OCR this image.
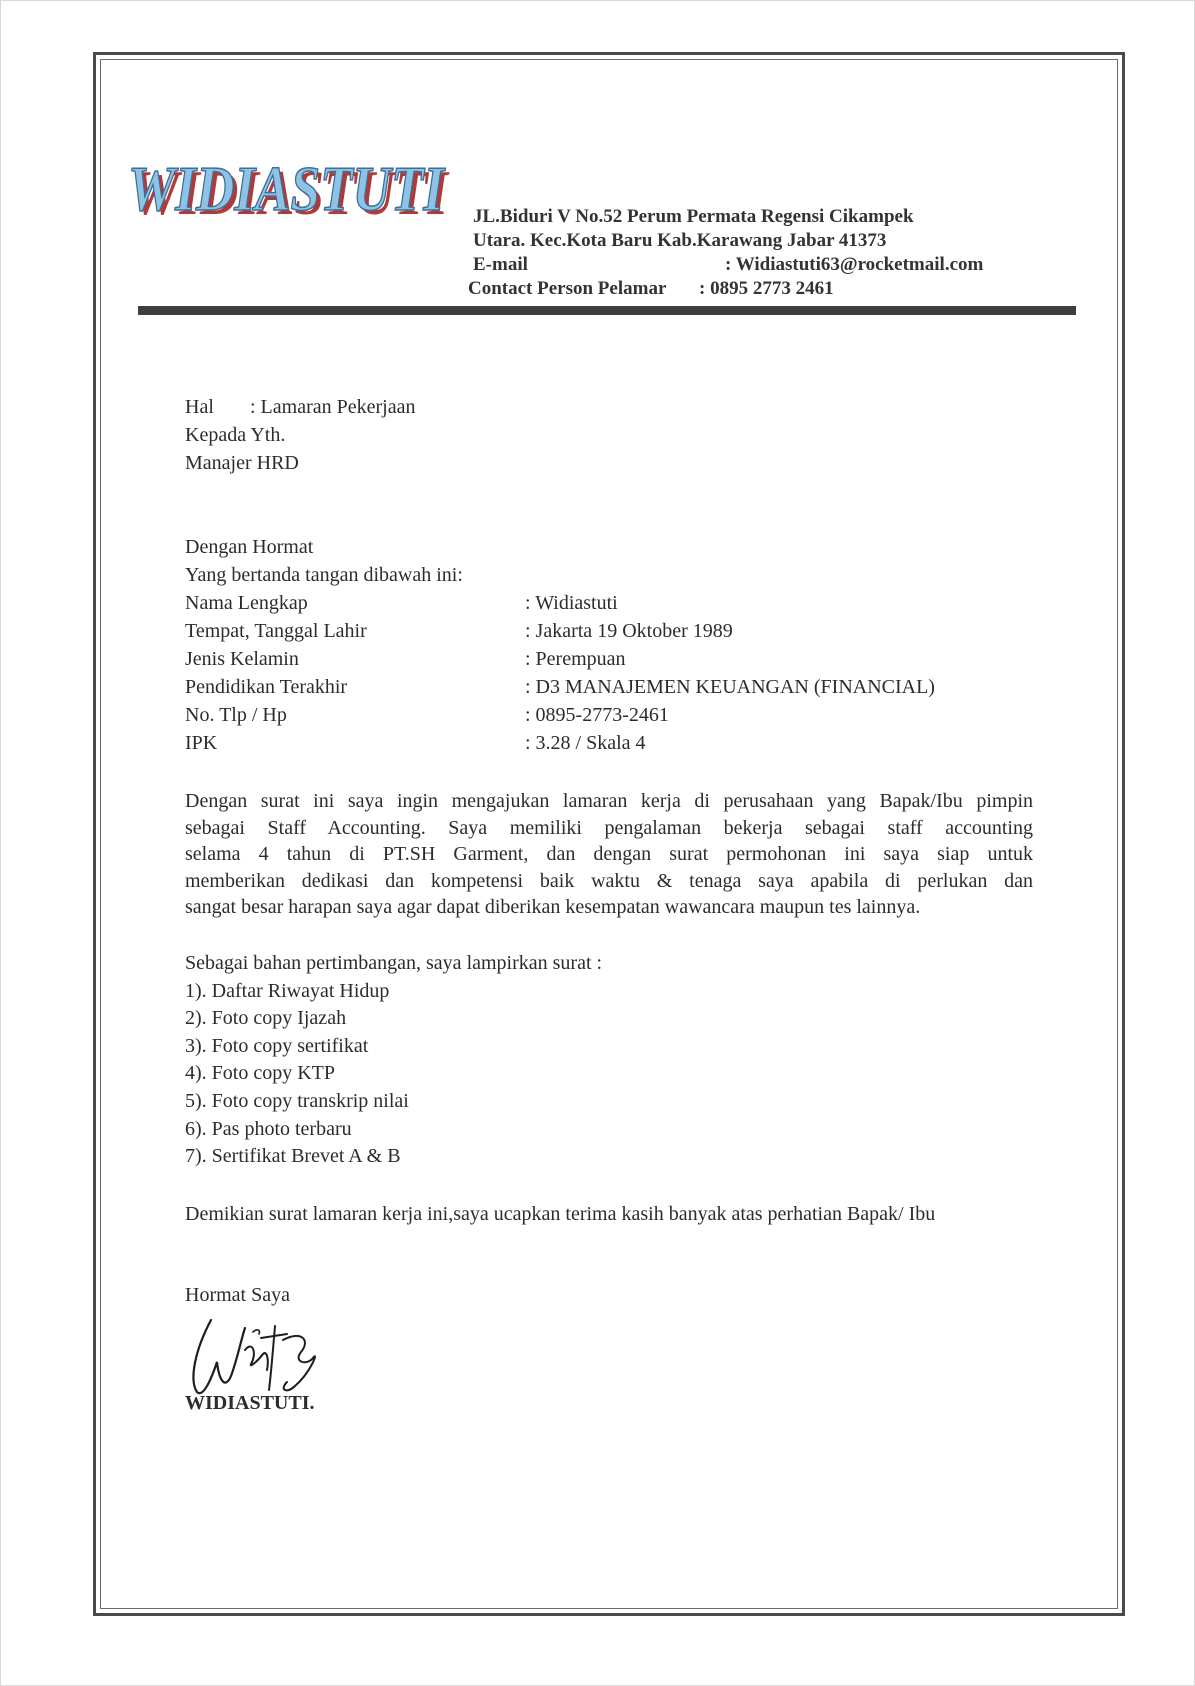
WIDIASTUTI
WIDIASTUTI JL.Biduri V No.52 Perum Permata Regensi Cikampek
Utara. Kec.Kota Baru Kab.Karawang Jabar 41373
E-mail	: Widiastuti63@rocketmail.com
Contact Person Pelamar : 0895 2773 2461
Hal : Lamaran Pekerjaan
Kepada Yth.
Manajer HRD
Dengan Hormat
Yang bertanda tangan dibawah ini:
Nama Lengkap	: Widiastuti
Tempat, Tanggal Lahir	: Jakarta 19 Oktober 1989
Jenis Kelamin	: Perempuan
Pendidikan Terakhir	: D3 MANAJEMEN KEUANGAN (FINANCIAL)
No. Tlp / Hp	: 0895-2773-2461
IPK	: 3.28 / Skala 4
Dengan surat ini saya ingin mengajukan lamaran kerja di perusahaan yang Bapak/Ibu pimpin
sebagai Staff Accounting. Saya memiliki pengalaman bekerja sebagai staff accounting
selama 4 tahun di PT.SH Garment, dan dengan surat permohonan ini saya siap untuk
memberikan dedikasi dan kompetensi baik waktu & tenaga saya apabila di perlukan dan
sangat besar harapan saya agar dapat diberikan kesempatan wawancara maupun tes lainnya.
Sebagai bahan pertimbangan, saya lampirkan surat :
1). Daftar Riwayat Hidup
2). Foto copy Ijazah
3). Foto copy sertifikat
4). Foto copy KTP
5). Foto copy transkrip nilai
6). Pas photo terbaru
7). Sertifikat Brevet A & B
Demikian surat lamaran kerja ini,saya ucapkan terima kasih banyak atas perhatian Bapak/ Ibu
Hormat Saya
WIDIASTUTI.
